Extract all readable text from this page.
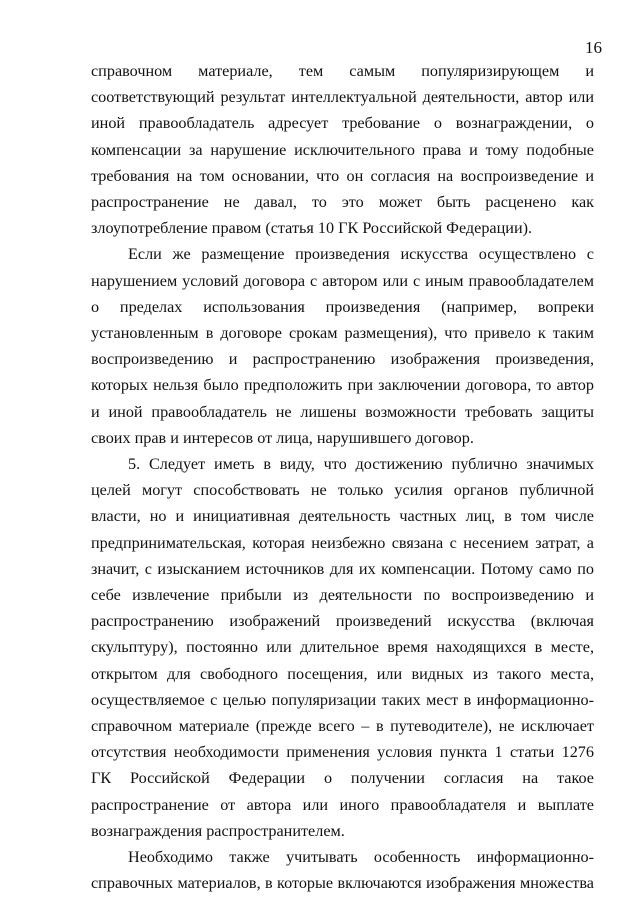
16

справочном материале, тем самым популяризирующем и соответствующий результат интеллектуальной деятельности, автор или иной правообладатель адресует требование о вознаграждении, о компенсации за нарушение исключительного права и тому подобные требования на том основании, что он согласия на воспроизведение и распространение не давал, то это может быть расценено как злоупотребление правом (статья 10 ГК Российской Федерации).

Если же размещение произведения искусства осуществлено с нарушением условий договора с автором или с иным правообладателем о пределах использования произведения (например, вопреки установленным в договоре срокам размещения), что привело к таким воспроизведению и распространению изображения произведения, которых нельзя было предположить при заключении договора, то автор и иной правообладатель не лишены возможности требовать защиты своих прав и интересов от лица, нарушившего договор.

5. Следует иметь в виду, что достижению публично значимых целей могут способствовать не только усилия органов публичной власти, но и инициативная деятельность частных лиц, в том числе предпринимательская, которая неизбежно связана с несением затрат, а значит, с изысканием источников для их компенсации. Потому само по себе извлечение прибыли из деятельности по воспроизведению и распространению изображений произведений искусства (включая скульптуру), постоянно или длительное время находящихся в месте, открытом для свободного посещения, или видных из такого места, осуществляемое с целью популяризации таких мест в информационно-справочном материале (прежде всего – в путеводителе), не исключает отсутствия необходимости применения условия пункта 1 статьи 1276 ГК Российской Федерации о получении согласия на такое распространение от автора или иного правообладателя и выплате вознаграждения распространителем.

Необходимо также учитывать особенность информационно-справочных материалов, в которые включаются изображения множества
